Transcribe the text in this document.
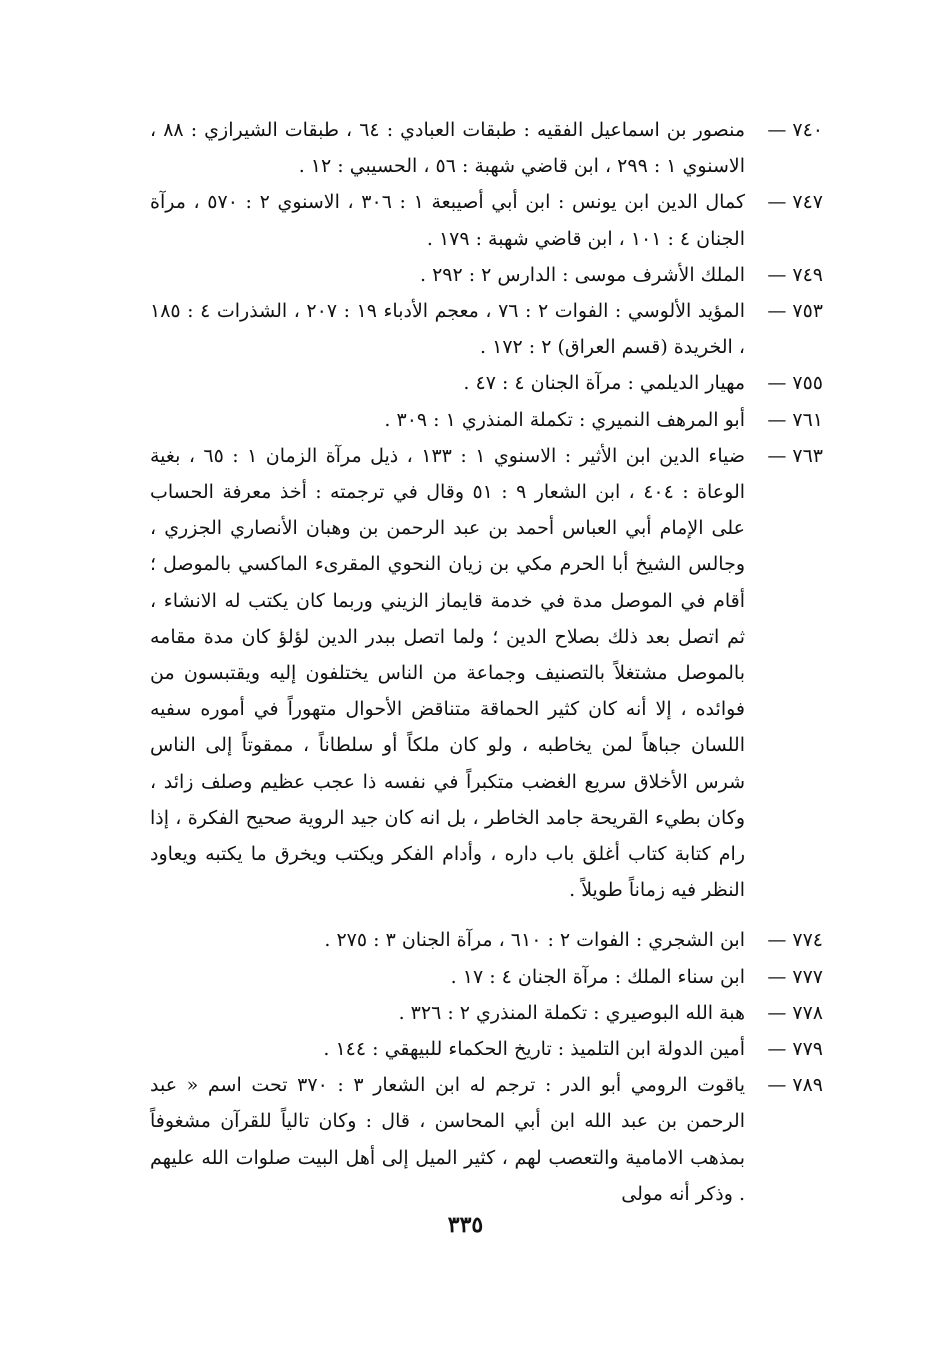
٧٤٠ —
منصور بن اسماعيل الفقيه : طبقات العبادي : ٦٤ ، طبقات الشيرازي : ٨٨ ، الاسنوي ١ : ٢٩٩ ، ابن قاضي شهبة : ٥٦ ، الحسيبي : ١٢ .
٧٤٧ —
كمال الدين ابن يونس : ابن أبي أصيبعة ١ : ٣٠٦ ، الاسنوي ٢ : ٥٧٠ ، مرآة الجنان ٤ : ١٠١ ، ابن قاضي شهبة : ١٧٩ .
٧٤٩ —
الملك الأشرف موسى : الدارس ٢ : ٢٩٢ .
٧٥٣ —
المؤيد الألوسي : الفوات ٢ : ٧٦ ، معجم الأدباء ١٩ : ٢٠٧ ، الشذرات ٤ : ١٨٥ ، الخريدة (قسم العراق) ٢ : ١٧٢ .
٧٥٥ —
مهيار الديلمي : مرآة الجنان ٤ : ٤٧ .
٧٦١ —
أبو المرهف النميري : تكملة المنذري ١ : ٣٠٩ .
٧٦٣ —
ضياء الدين ابن الأثير : الاسنوي ١ : ١٣٣ ، ذيل مرآة الزمان ١ : ٦٥ ، بغية الوعاة : ٤٠٤ ، ابن الشعار ٩ : ٥١ وقال في ترجمته : أخذ معرفة الحساب على الإمام أبي العباس أحمد بن عبد الرحمن بن وهبان الأنصاري الجزري ، وجالس الشيخ أبا الحرم مكي بن زيان النحوي المقرىء الماكسي بالموصل ؛ أقام في الموصل مدة في خدمة قايماز الزيني وربما كان يكتب له الانشاء ، ثم اتصل بعد ذلك بصلاح الدين ؛ ولما اتصل ببدر الدين لؤلؤ كان مدة مقامه بالموصل مشتغلاً بالتصنيف وجماعة من الناس يختلفون إليه ويقتبسون من فوائده ، إلا أنه كان كثير الحماقة متناقض الأحوال متهوراً في أموره سفيه اللسان جباهاً لمن يخاطبه ، ولو كان ملكاً أو سلطاناً ، ممقوتاً إلى الناس شرس الأخلاق سريع الغضب متكبراً في نفسه ذا عجب عظيم وصلف زائد ، وكان بطيء القريحة جامد الخاطر ، بل انه كان جيد الروية صحيح الفكرة ، إذا رام كتابة كتاب أغلق باب داره ، وأدام الفكر ويكتب ويخرق ما يكتبه ويعاود النظر فيه زماناً طويلاً .
٧٧٤ —
ابن الشجري : الفوات ٢ : ٦١٠ ، مرآة الجنان ٣ : ٢٧٥ .
٧٧٧ —
ابن سناء الملك : مرآة الجنان ٤ : ١٧ .
٧٧٨ —
هبة الله البوصيري : تكملة المنذري ٢ : ٣٢٦ .
٧٧٩ —
أمين الدولة ابن التلميذ : تاريخ الحكماء للبيهقي : ١٤٤ .
٧٨٩ —
ياقوت الرومي أبو الدر : ترجم له ابن الشعار ٣ : ٣٧٠ تحت اسم « عبد الرحمن بن عبد الله ابن أبي المحاسن ، قال : وكان تالياً للقرآن مشغوفاً بمذهب الامامية والتعصب لهم ، كثير الميل إلى أهل البيت صلوات الله عليهم . وذكر أنه مولى
٣٣٥
